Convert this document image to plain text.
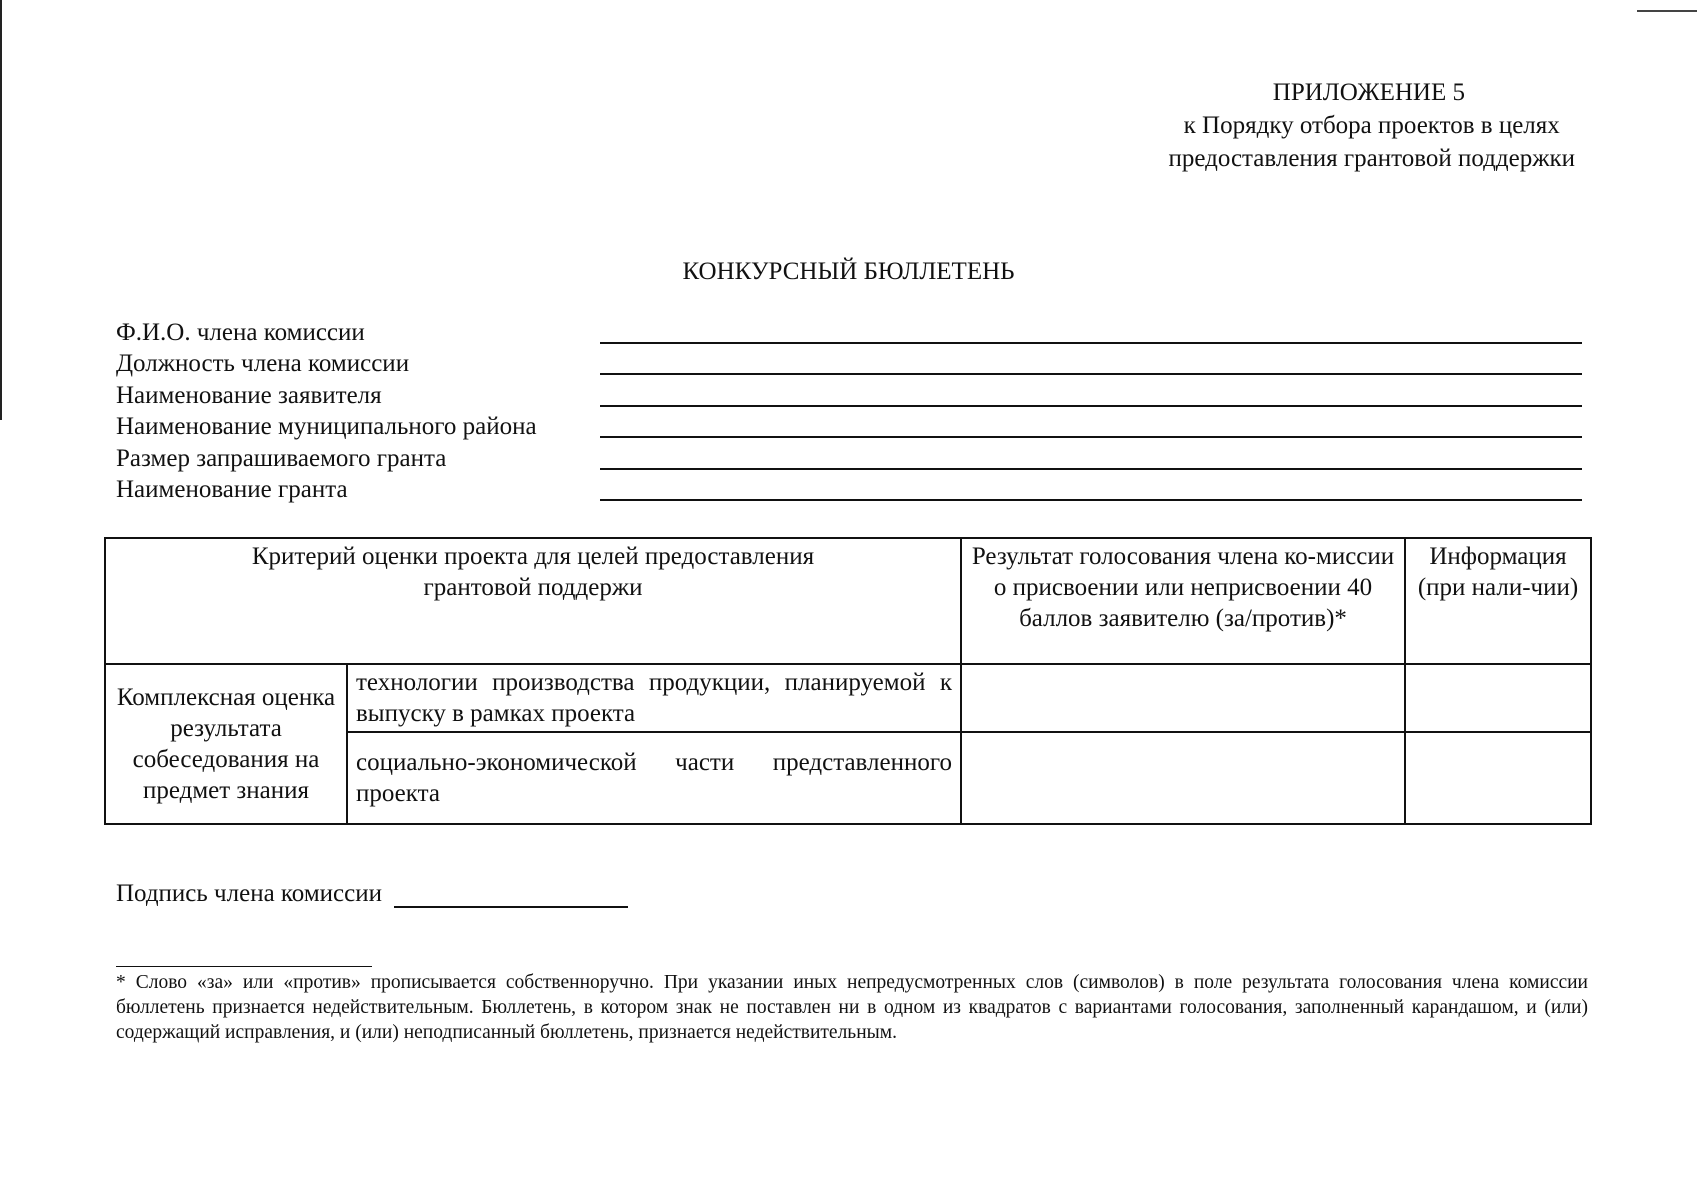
ПРИЛОЖЕНИЕ 5
к Порядку отбора проектов в целях
предоставления грантовой поддержки
КОНКУРСНЫЙ БЮЛЛЕТЕНЬ
Ф.И.О. члена комиссии
Должность члена комиссии
Наименование заявителя
Наименование муниципального района
Размер запрашиваемого гранта
Наименование гранта
Критерий оценки проекта для целей предоставления грантовой поддержи		Результат голосования члена ко-миссии о присвоении или неприсвоении 40 баллов заявителю (за/против)*	Информация (при нали-чии)
Комплексная оценка результата собеседования на предмет знания	технологии производства продукции, планируемой к выпуску в рамках проекта		
	социально-экономической части представленного проекта		
Подпись члена комиссии
* Слово «за» или «против» прописывается собственноручно. При указании иных непредусмотренных слов (символов) в поле результата голосования члена комиссии бюллетень признается недействительным. Бюллетень, в котором знак не поставлен ни в одном из квадратов с вариантами голосования, заполненный карандашом, и (или) содержащий исправления, и (или) неподписанный бюллетень, признается недействительным.
